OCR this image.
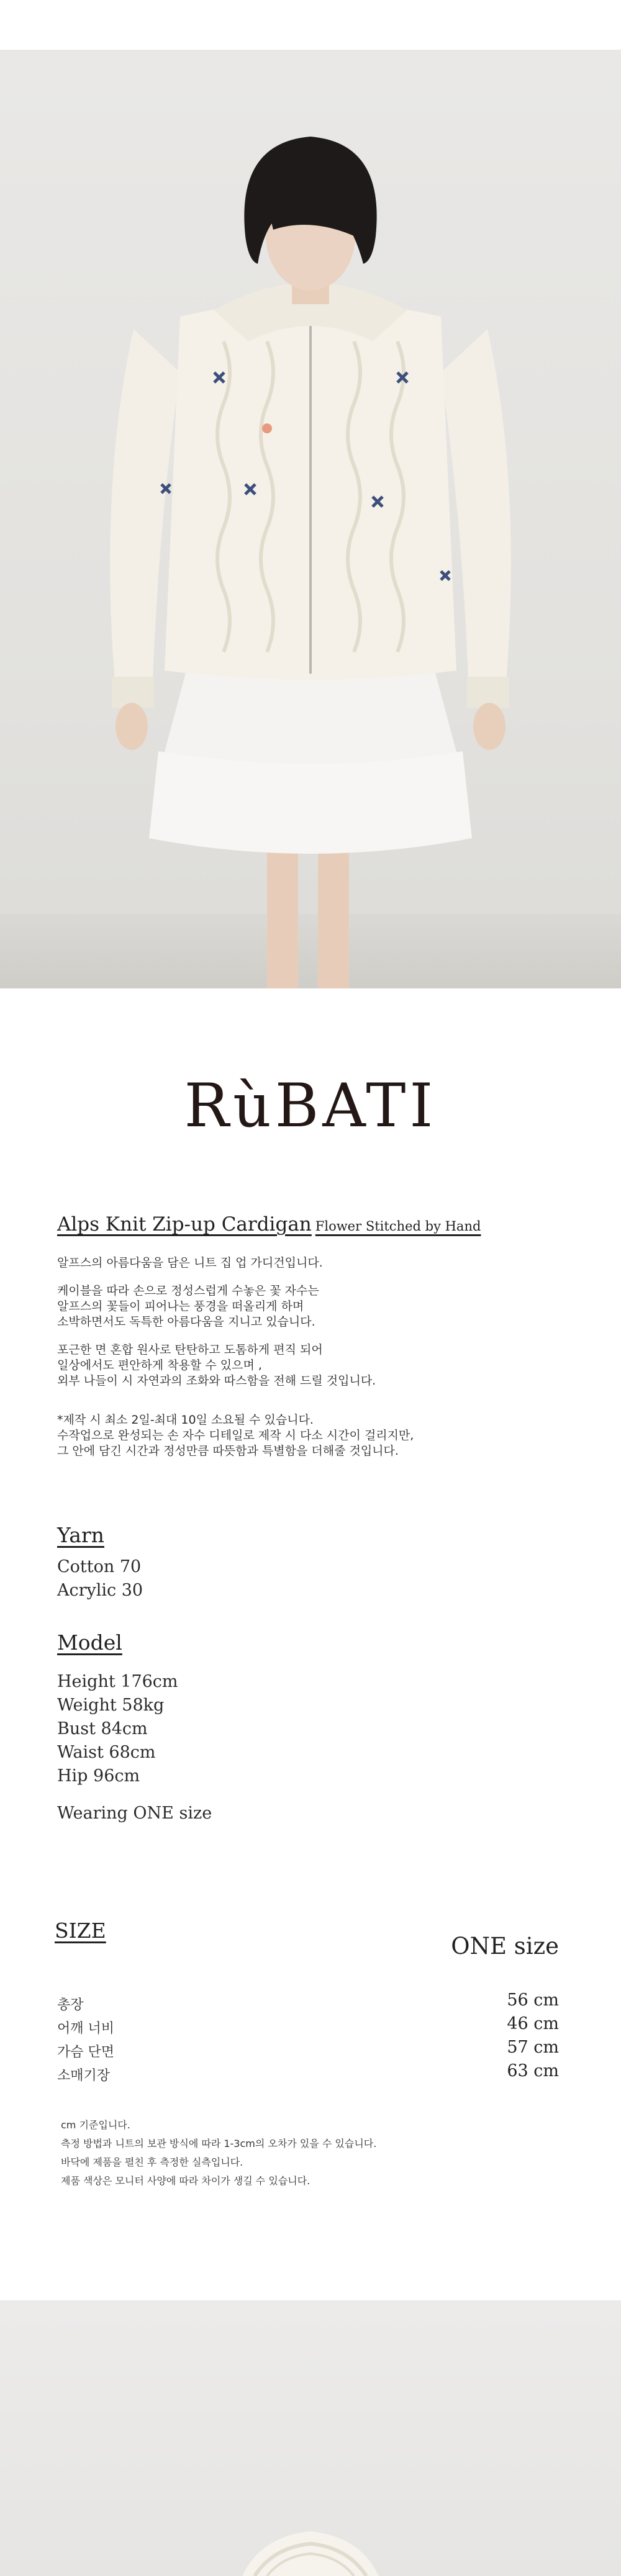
RùBATI
Alps Knit Zip-up Cardigan Flower Stitched by Hand

알프스의 아름다움을 담은 니트 집 업 가디건입니다.

케이블을 따라 손으로 정성스럽게 수놓은 꽃 자수는

알프스의 꽃들이 피어나는 풍경을 떠올리게 하며

소박하면서도 독특한 아름다움을 지니고 있습니다.

포근한 면 혼합 원사로 탄탄하고 도톰하게 편직 되어

일상에서도 편안하게 착용할 수 있으며 ,

외부 나들이 시 자연과의 조화와 따스함을 전해 드릴 것입니다.

*제작 시 최소 2일-최대 10일 소요될 수 있습니다.

수작업으로 완성되는 손 자수 디테일로 제작 시 다소 시간이 걸리지만,

그 안에 담긴 시간과 정성만큼 따뜻함과 특별함을 더해줄 것입니다.

Yarn
Cotton 70
Acrylic 30
Model
Height 176cm
Weight 58kg
Bust 84cm
Waist 68cm
Hip 96cm
Wearing ONE size
SIZE
ONE size
총장	56 cm
어깨 너비	46 cm
가슴 단면	57 cm
소매기장	63 cm

cm 기준입니다.

측정 방법과 니트의 보관 방식에 따라 1-3cm의 오차가 있을 수 있습니다.

바닥에 제품을 펼친 후 측정한 실측입니다.

제품 색상은 모니터 사양에 따라 차이가 생길 수 있습니다.
